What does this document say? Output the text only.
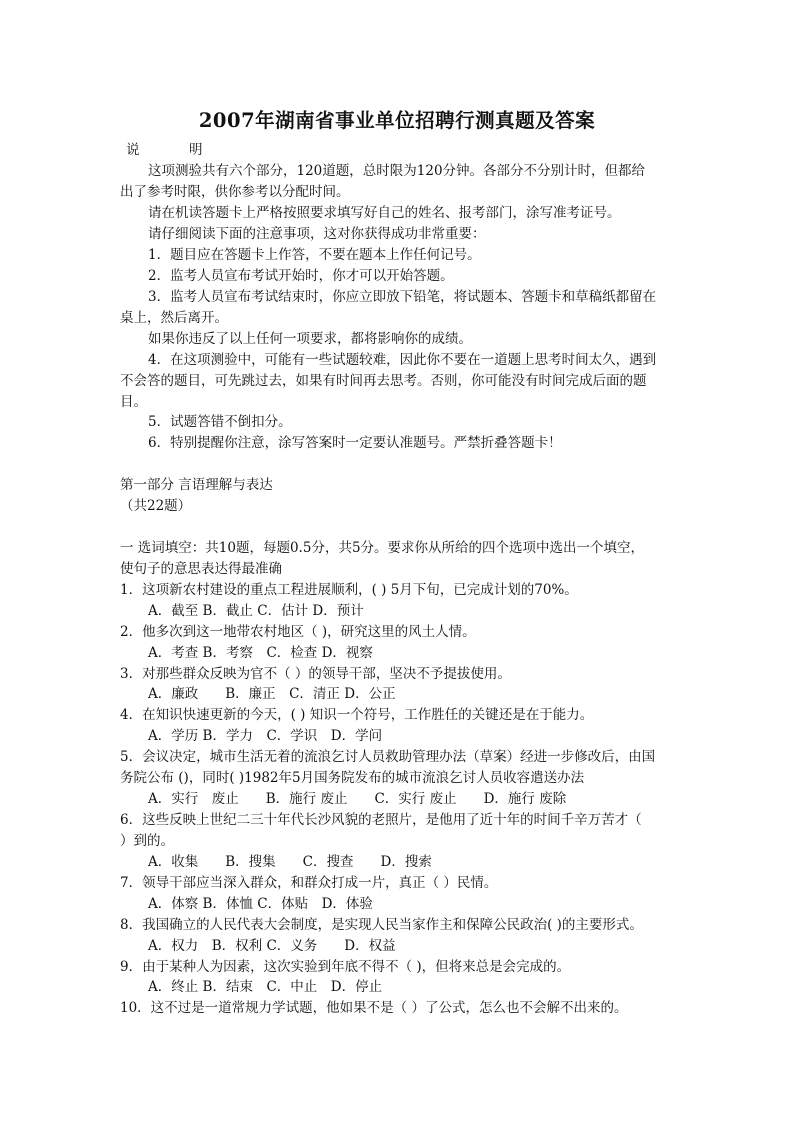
2007年湖南省事业单位招聘行测真题及答案
说　明
这项测验共有六个部分，120道题，总时限为120分钟。各部分不分别计时，但都给
出了参考时限，供你参考以分配时间。
请在机读答题卡上严格按照要求填写好自己的姓名、报考部门，涂写准考证号。
请仔细阅读下面的注意事项，这对你获得成功非常重要：
1．题目应在答题卡上作答，不要在题本上作任何记号。
2．监考人员宣布考试开始时，你才可以开始答题。
3．监考人员宣布考试结束时，你应立即放下铅笔，将试题本、答题卡和草稿纸都留在
桌上，然后离开。
如果你违反了以上任何一项要求，都将影响你的成绩。
4．在这项测验中，可能有一些试题较难，因此你不要在一道题上思考时间太久，遇到
不会答的题目，可先跳过去，如果有时间再去思考。否则，你可能没有时间完成后面的题
目。
5．试题答错不倒扣分。
6．特别提醒你注意，涂写答案时一定要认准题号。严禁折叠答题卡！
第一部分 言语理解与表达
（共22题）
一 选词填空：共10题，每题0.5分，共5分。要求你从所给的四个选项中选出一个填空，
使句子的意思表达得最准确
1．这项新农村建设的重点工程进展顺利，( ) 5月下旬，已完成计划的70%。
A．截至 B．截止 C．估计 D．预计
2．他多次到这一地带农村地区（ )，研究这里的风土人情。
A．考查 B．考察　C．检查 D．视察
3．对那些群众反映为官不（ ）的领导干部，坚决不予提拔使用。
A．廉政　　B．廉正　C．清正 D．公正
4．在知识快速更新的今天，( ) 知识一个符号，工作胜任的关键还是在于能力。
A．学历 B．学力　C．学识　D．学问
5．会议决定，城市生活无着的流浪乞讨人员救助管理办法（草案）经进一步修改后，由国
务院公布 ()，同时( )1982年5月国务院发布的城市流浪乞讨人员收容遣送办法
A．实行　废止　　B．施行 废止　　C．实行 废止　　D．施行 废除
6．这些反映上世纪二三十年代长沙风貌的老照片，是他用了近十年的时间千辛万苦才（
）到的。
A．收集　　B．搜集　　C．搜查　　D．搜索
7．领导干部应当深入群众，和群众打成一片，真正（ ）民情。
A．体察 B．体恤 C．体贴　D．体验
8．我国确立的人民代表大会制度，是实现人民当家作主和保障公民政治( )的主要形式。
A．权力　B．权利 C．义务　　D．权益
9．由于某种人为因素，这次实验到年底不得不（ )，但将来总是会完成的。
A．终止 B．结束　C．中止　D．停止
10．这不过是一道常规力学试题，他如果不是（ ）了公式，怎么也不会解不出来的。
